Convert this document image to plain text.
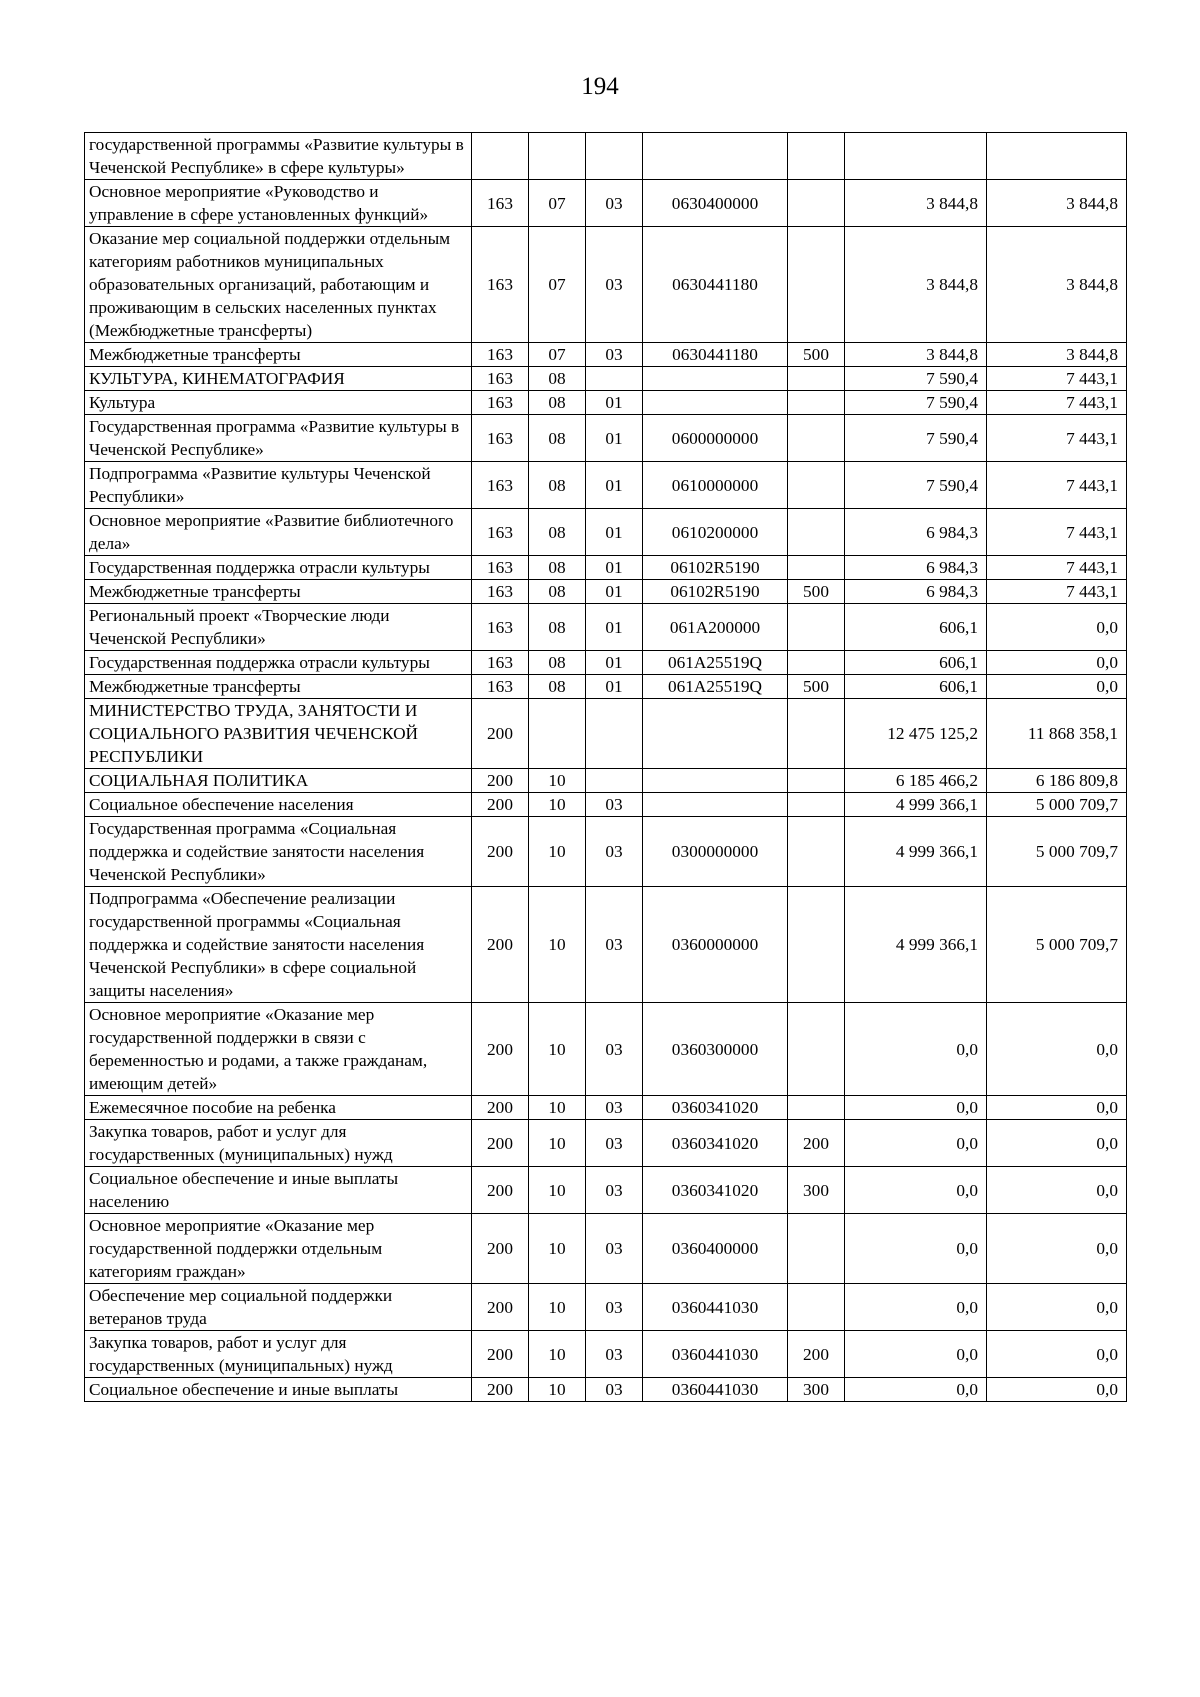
194
государственной программы «Развитие культуры в Чеченской Республике» в сфере культуры»							
Основное мероприятие «Руководство и управление в сфере установленных функций»	163	07	03	0630400000		3 844,8	3 844,8
Оказание мер социальной поддержки отдельным категориям работников муниципальных образовательных организаций, работающим и проживающим в сельских населенных пунктах (Межбюджетные трансферты)	163	07	03	0630441180		3 844,8	3 844,8
Межбюджетные трансферты	163	07	03	0630441180	500	3 844,8	3 844,8
КУЛЬТУРА, КИНЕМАТОГРАФИЯ	163	08				7 590,4	7 443,1
Культура	163	08	01			7 590,4	7 443,1
Государственная программа «Развитие культуры в Чеченской Республике»	163	08	01	0600000000		7 590,4	7 443,1
Подпрограмма «Развитие культуры Чеченской Республики»	163	08	01	0610000000		7 590,4	7 443,1
Основное мероприятие «Развитие библиотечного дела»	163	08	01	0610200000		6 984,3	7 443,1
Государственная поддержка отрасли культуры	163	08	01	06102R5190		6 984,3	7 443,1
Межбюджетные трансферты	163	08	01	06102R5190	500	6 984,3	7 443,1
Региональный проект «Творческие люди Чеченской Республики»	163	08	01	061A200000		606,1	0,0
Государственная поддержка отрасли культуры	163	08	01	061A25519Q		606,1	0,0
Межбюджетные трансферты	163	08	01	061A25519Q	500	606,1	0,0
МИНИСТЕРСТВО ТРУДА, ЗАНЯТОСТИ И СОЦИАЛЬНОГО РАЗВИТИЯ ЧЕЧЕНСКОЙ РЕСПУБЛИКИ	200					12 475 125,2	11 868 358,1
СОЦИАЛЬНАЯ ПОЛИТИКА	200	10				6 185 466,2	6 186 809,8
Социальное обеспечение населения	200	10	03			4 999 366,1	5 000 709,7
Государственная программа «Социальная поддержка и содействие занятости населения Чеченской Республики»	200	10	03	0300000000		4 999 366,1	5 000 709,7
Подпрограмма «Обеспечение реализации государственной программы «Социальная поддержка и содействие занятости населения Чеченской Республики» в сфере социальной защиты населения»	200	10	03	0360000000		4 999 366,1	5 000 709,7
Основное мероприятие «Оказание мер государственной поддержки в связи с беременностью и родами, а также гражданам, имеющим детей»	200	10	03	0360300000		0,0	0,0
Ежемесячное пособие на ребенка	200	10	03	0360341020		0,0	0,0
Закупка товаров, работ и услуг для государственных (муниципальных) нужд	200	10	03	0360341020	200	0,0	0,0
Социальное обеспечение и иные выплаты населению	200	10	03	0360341020	300	0,0	0,0
Основное мероприятие «Оказание мер государственной поддержки отдельным категориям граждан»	200	10	03	0360400000		0,0	0,0
Обеспечение мер социальной поддержки ветеранов труда	200	10	03	0360441030		0,0	0,0
Закупка товаров, работ и услуг для государственных (муниципальных) нужд	200	10	03	0360441030	200	0,0	0,0
Социальное обеспечение и иные выплаты	200	10	03	0360441030	300	0,0	0,0
